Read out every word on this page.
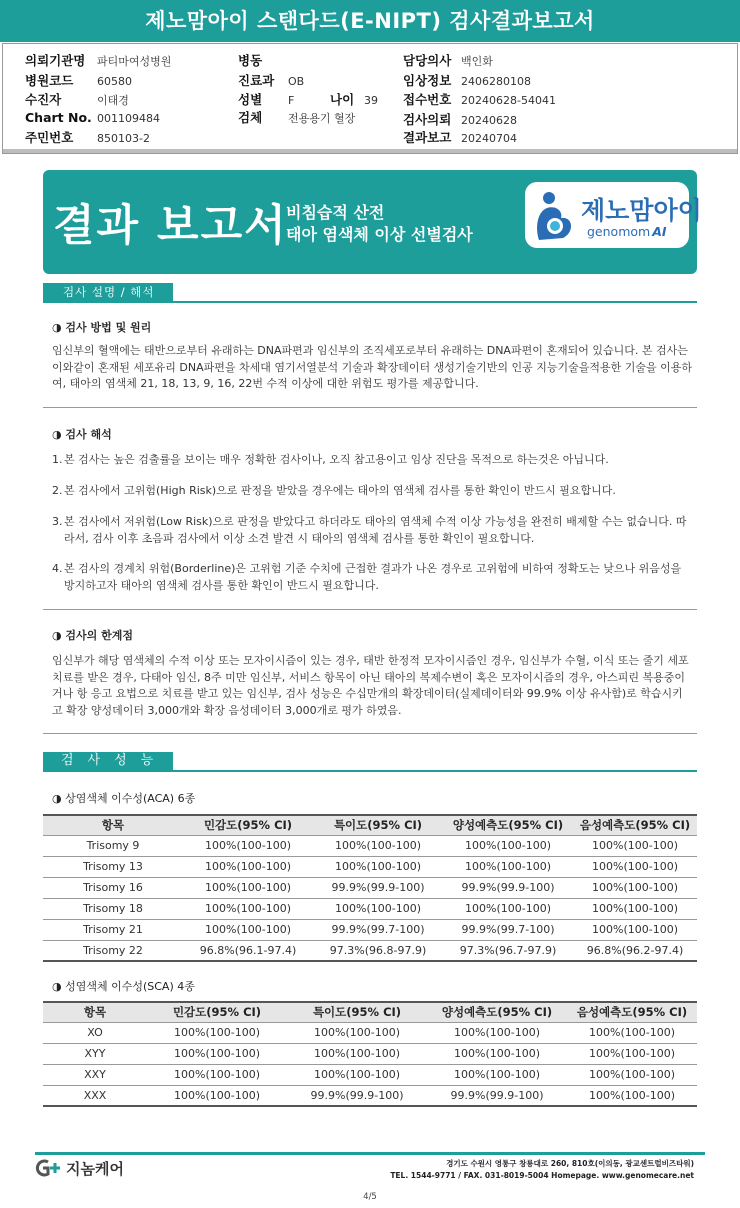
제노맘아이 스탠다드(E-NIPT) 검사결과보고서
의뢰기관명 파티마여성병원
병원코드 60580
수진자	이태경
Chart No. 001109484
주민번호 850103-2
병동
진료과 OB
성별 F	나이 39
검체 전용용기 혈장
담당의사 백인화
임상정보 2406280108
접수번호 20240628-54041
검사의뢰 20240628
결과보고 20240704
결과 보고서
비침습적 산전
태아 염색체 이상 선별검사
제노맘아이
genomom AI
검사 설명 / 해석
◑ 검사 방법 및 원리
임신부의 혈액에는 태반으로부터 유래하는 DNA파편과 임신부의 조직세포로부터 유래하는 DNA파편이 혼재되어 있습니다. 본 검사는 이와같이 혼재된 세포유리 DNA파편을 차세대 염기서열분석 기술과 확장데이터 생성기술기반의 인공 지능기술을적용한 기술을 이용하여, 태아의 염색체 21, 18, 13, 9, 16, 22번 수적 이상에 대한 위험도 평가를 제공합니다.
◑ 검사 해석
1. 본 검사는 높은 검출률을 보이는 매우 정확한 검사이나, 오직 참고용이고 임상 진단을 목적으로 하는것은 아닙니다.
2. 본 검사에서 고위험(High Risk)으로 판정을 받았을 경우에는 태아의 염색체 검사를 통한 확인이 반드시 필요합니다.
3. 본 검사에서 저위험(Low Risk)으로 판정을 받았다고 하더라도 태아의 염색체 수적 이상 가능성을 완전히 배제할 수는 없습니다. 따라서, 검사 이후 초음파 검사에서 이상 소견 발견 시 태아의 염색체 검사를 통한 확인이 필요합니다.
4. 본 검사의 경계치 위험(Borderline)은 고위험 기준 수치에 근접한 결과가 나온 경우로 고위험에 비하여 정확도는 낮으나 위음성을 방지하고자 태아의 염색체 검사를 통한 확인이 반드시 필요합니다.
◑ 검사의 한계점
임신부가 해당 염색체의 수적 이상 또는 모자이시즘이 있는 경우, 태반 한정적 모자이시즘인 경우, 임신부가 수혈, 이식 또는 줄기 세포 치료를 받은 경우, 다태아 임신, 8주 미만 임신부, 서비스 항목이 아닌 태아의 복제수변이 혹은 모자이시즘의 경우, 아스피린 복용중이거나 항 응고 요법으로 치료를 받고 있는 임신부, 검사 성능은 수십만개의 확장데이터(실제데이터와 99.9% 이상 유사함)로 학습시키고 확장 양성데이터 3,000개와 확장 음성데이터 3,000개로 평가 하였음.
검사성능
◑ 상염색체 이수성(ACA) 6종
항목	민감도(95% CI)	특이도(95% CI)	양성예측도(95% CI)	음성예측도(95% CI)
Trisomy 9	100%(100-100)	100%(100-100)	100%(100-100)	100%(100-100)
Trisomy 13	100%(100-100)	100%(100-100)	100%(100-100)	100%(100-100)
Trisomy 16	100%(100-100)	99.9%(99.9-100)	99.9%(99.9-100)	100%(100-100)
Trisomy 18	100%(100-100)	100%(100-100)	100%(100-100)	100%(100-100)
Trisomy 21	100%(100-100)	99.9%(99.7-100)	99.9%(99.7-100)	100%(100-100)
Trisomy 22	96.8%(96.1-97.4)	97.3%(96.8-97.9)	97.3%(96.7-97.9)	96.8%(96.2-97.4)
◑ 성염색체 이수성(SCA) 4종
항목	민감도(95% CI)	특이도(95% CI)	양성예측도(95% CI)	음성예측도(95% CI)
XO	100%(100-100)	100%(100-100)	100%(100-100)	100%(100-100)
XYY	100%(100-100)	100%(100-100)	100%(100-100)	100%(100-100)
XXY	100%(100-100)	100%(100-100)	100%(100-100)	100%(100-100)
XXX	100%(100-100)	99.9%(99.9-100)	99.9%(99.9-100)	100%(100-100)
지놈케어	경기도 수원시 영통구 창룡대로 260, 810호(이의동, 광교센트럴비즈타워)
TEL. 1544-9771 / FAX. 031-8019-5004 Homepage. www.genomecare.net
4/5
